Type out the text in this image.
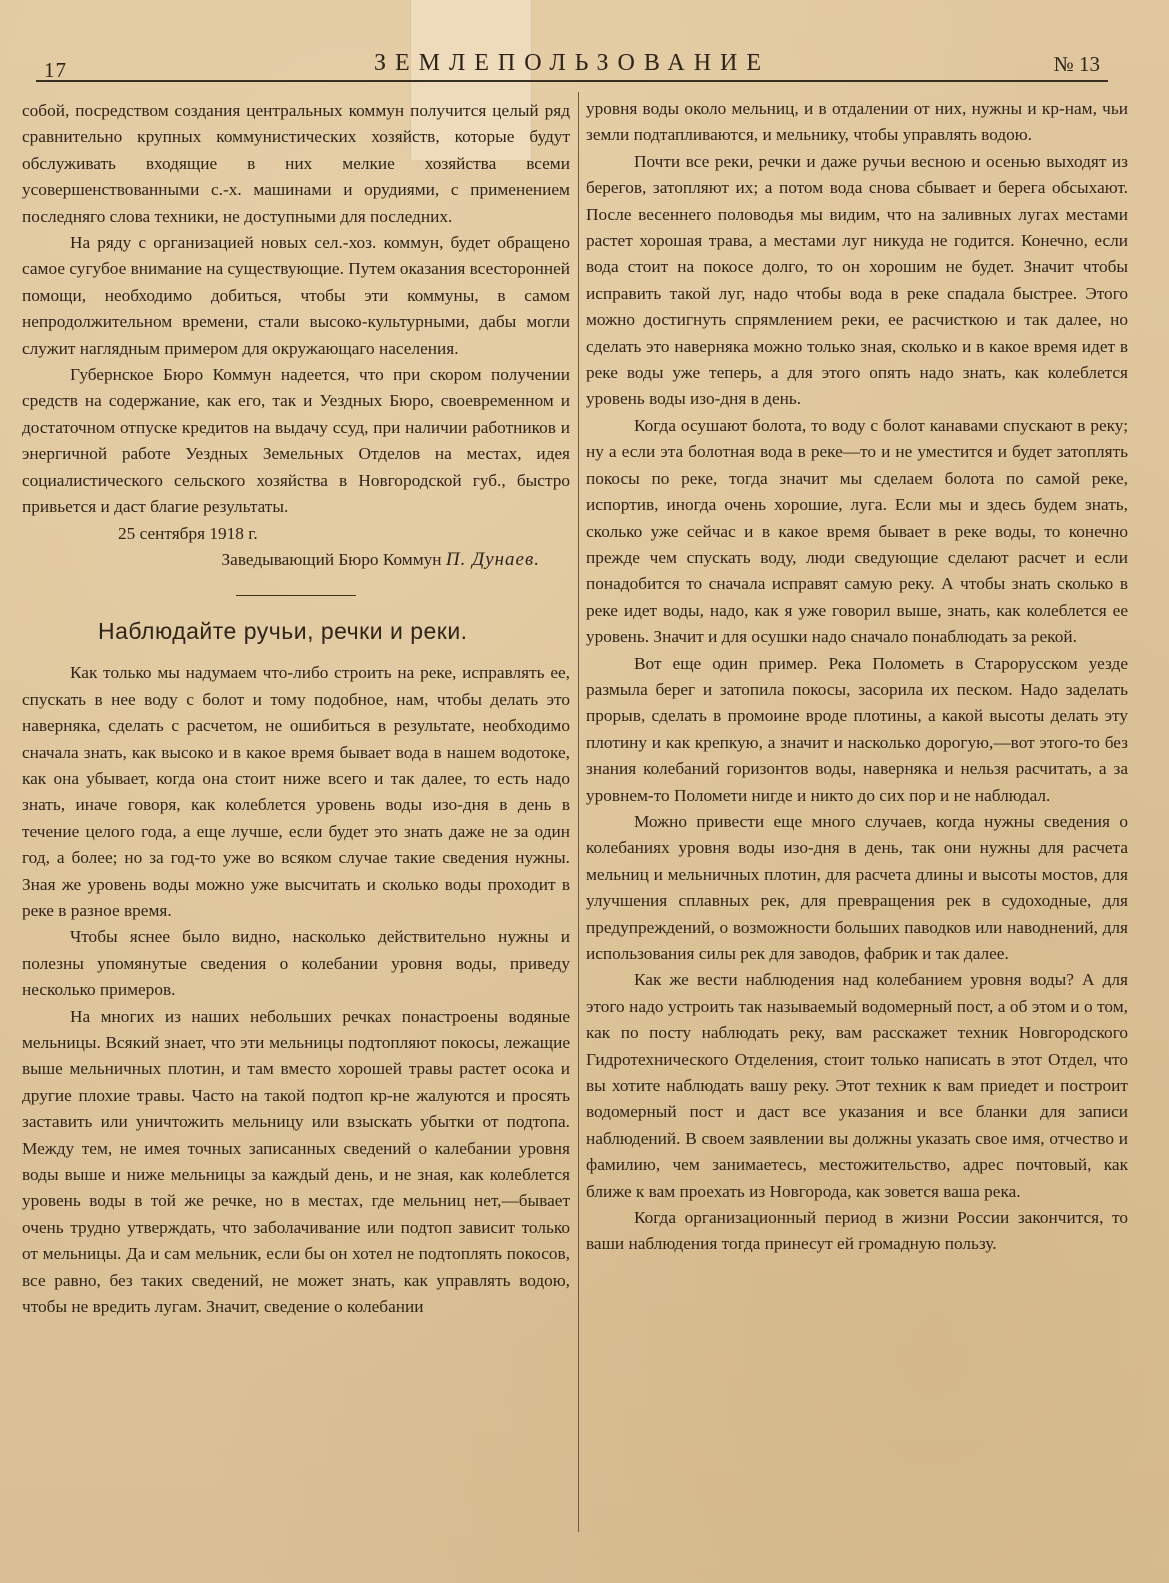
17	ЗЕМЛЕПОЛЬЗОВАНИЕ	№ 13

собой, посредством создания центральных коммун получится целый ряд сравнительно крупных коммунистических хозяйств, которые будут обслуживать входящие в них мелкие хозяйства всеми усовершенствованными с.-х. машинами и орудиями, с применением последняго слова техники, не доступными для последних.

На ряду с организацией новых сел.-хоз. коммун, будет обращено самое сугубое внимание на существующие. Путем оказания всесторонней помощи, необходимо добиться, чтобы эти коммуны, в самом непродолжительном времени, стали высоко-культурными, дабы могли служит наглядным примером для окружающаго населения.

Губернское Бюро Коммун надеется, что при скором получении средств на содержание, как его, так и Уездных Бюро, своевременном и достаточном отпуске кредитов на выдачу ссуд, при наличии работников и энергичной работе Уездных Земельных Отделов на местах, идея социалистического сельского хозяйства в Новгородской губ., быстро привьется и даст благие результаты.

25 сентября 1918 г.

Заведывающий Бюро Коммун П. Дунаев.

Наблюдайте ручьи, речки и реки.

Как только мы надумаем что-либо строить на реке, исправлять ее, спускать в нее воду с болот и тому подобное, нам, чтобы делать это наверняка, сделать с расчетом, не ошибиться в результате, необходимо сначала знать, как высоко и в какое время бывает вода в нашем водотоке, как она убывает, когда она стоит ниже всего и так далее, то есть надо знать, иначе говоря, как колеблется уровень воды изо-дня в день в течение целого года, а еще лучше, если будет это знать даже не за один год, а более; но за год-то уже во всяком случае такие сведения нужны. Зная же уровень воды можно уже высчитать и сколько воды проходит в реке в разное время.

Чтобы яснее было видно, насколько действительно нужны и полезны упомянутые сведения о колебании уровня воды, приведу несколько примеров.

На многих из наших небольших речках понастроены водяные мельницы. Всякий знает, что эти мельницы подтопляют покосы, лежащие выше мельничных плотин, и там вместо хорошей травы растет осока и другие плохие травы. Часто на такой подтоп кр-не жалуются и просять заставить или уничтожить мельницу или взыскать убытки от подтопа. Между тем, не имея точных записанных сведений о калебании уровня воды выше и ниже мельницы за каждый день, и не зная, как колеблется уровень воды в той же речке, но в местах, где мельниц нет,—бывает очень трудно утверждать, что заболачивание или подтоп зависит только от мельницы. Да и сам мельник, если бы он хотел не подтоплять покосов, все равно, без таких сведений, не может знать, как управлять водою, чтобы не вредить лугам. Значит, сведение о колебании

уровня воды около мельниц, и в отдалении от них, нужны и кр-нам, чьи земли подтапливаются, и мельнику, чтобы управлять водою.

Почти все реки, речки и даже ручьи весною и осенью выходят из берегов, затопляют их; а потом вода снова сбывает и берега обсыхают. После весеннего половодья мы видим, что на заливных лугах местами растет хорошая трава, а местами луг никуда не годится. Конечно, если вода стоит на покосе долго, то он хорошим не будет. Значит чтобы исправить такой луг, надо чтобы вода в реке спадала быстрее. Этого можно достигнуть спрямлением реки, ее расчисткою и так далее, но сделать это наверняка можно только зная, сколько и в какое время идет в реке воды уже теперь, а для этого опять надо знать, как колеблется уровень воды изо-дня в день.

Когда осушают болота, то воду с болот канавами спускают в реку; ну а если эта болотная вода в реке—то и не уместится и будет затоплять покосы по реке, тогда значит мы сделаем болота по самой реке, испортив, иногда очень хорошие, луга. Если мы и здесь будем знать, сколько уже сейчас и в какое время бывает в реке воды, то конечно прежде чем спускать воду, люди сведующие сделают расчет и если понадобится то сначала исправят самую реку. А чтобы знать сколько в реке идет воды, надо, как я уже говорил выше, знать, как колеблется ее уровень. Значит и для осушки надо сначало понаблюдать за рекой.

Вот еще один пример. Река Полометь в Старорусском уезде размыла берег и затопила покосы, засорила их песком. Надо заделать прорыв, сделать в промоине вроде плотины, а какой высоты делать эту плотину и как крепкую, а значит и насколько дорогую,—вот этого-то без знания колебаний горизонтов воды, наверняка и нельзя расчитать, а за уровнем-то Поломети нигде и никто до сих пор и не наблюдал.

Можно привести еще много случаев, когда нужны сведения о колебаниях уровня воды изо-дня в день, так они нужны для расчета мельниц и мельничных плотин, для расчета длины и высоты мостов, для улучшения сплавных рек, для превращения рек в судоходные, для предупреждений, о возможности больших паводков или наводнений, для использования силы рек для заводов, фабрик и так далее.

Как же вести наблюдения над колебанием уровня воды? А для этого надо устроить так называемый водомерный пост, а об этом и о том, как по посту наблюдать реку, вам расскажет техник Новгородского Гидротехнического Отделения, стоит только написать в этот Отдел, что вы хотите наблюдать вашу реку. Этот техник к вам приедет и построит водомерный пост и даст все указания и все бланки для записи наблюдений. В своем заявлении вы должны указать свое имя, отчество и фамилию, чем занимаетесь, местожительство, адрес почтовый, как ближе к вам проехать из Новгорода, как зовется ваша река.

Когда организационный период в жизни России закончится, то ваши наблюдения тогда принесут ей громадную пользу.
